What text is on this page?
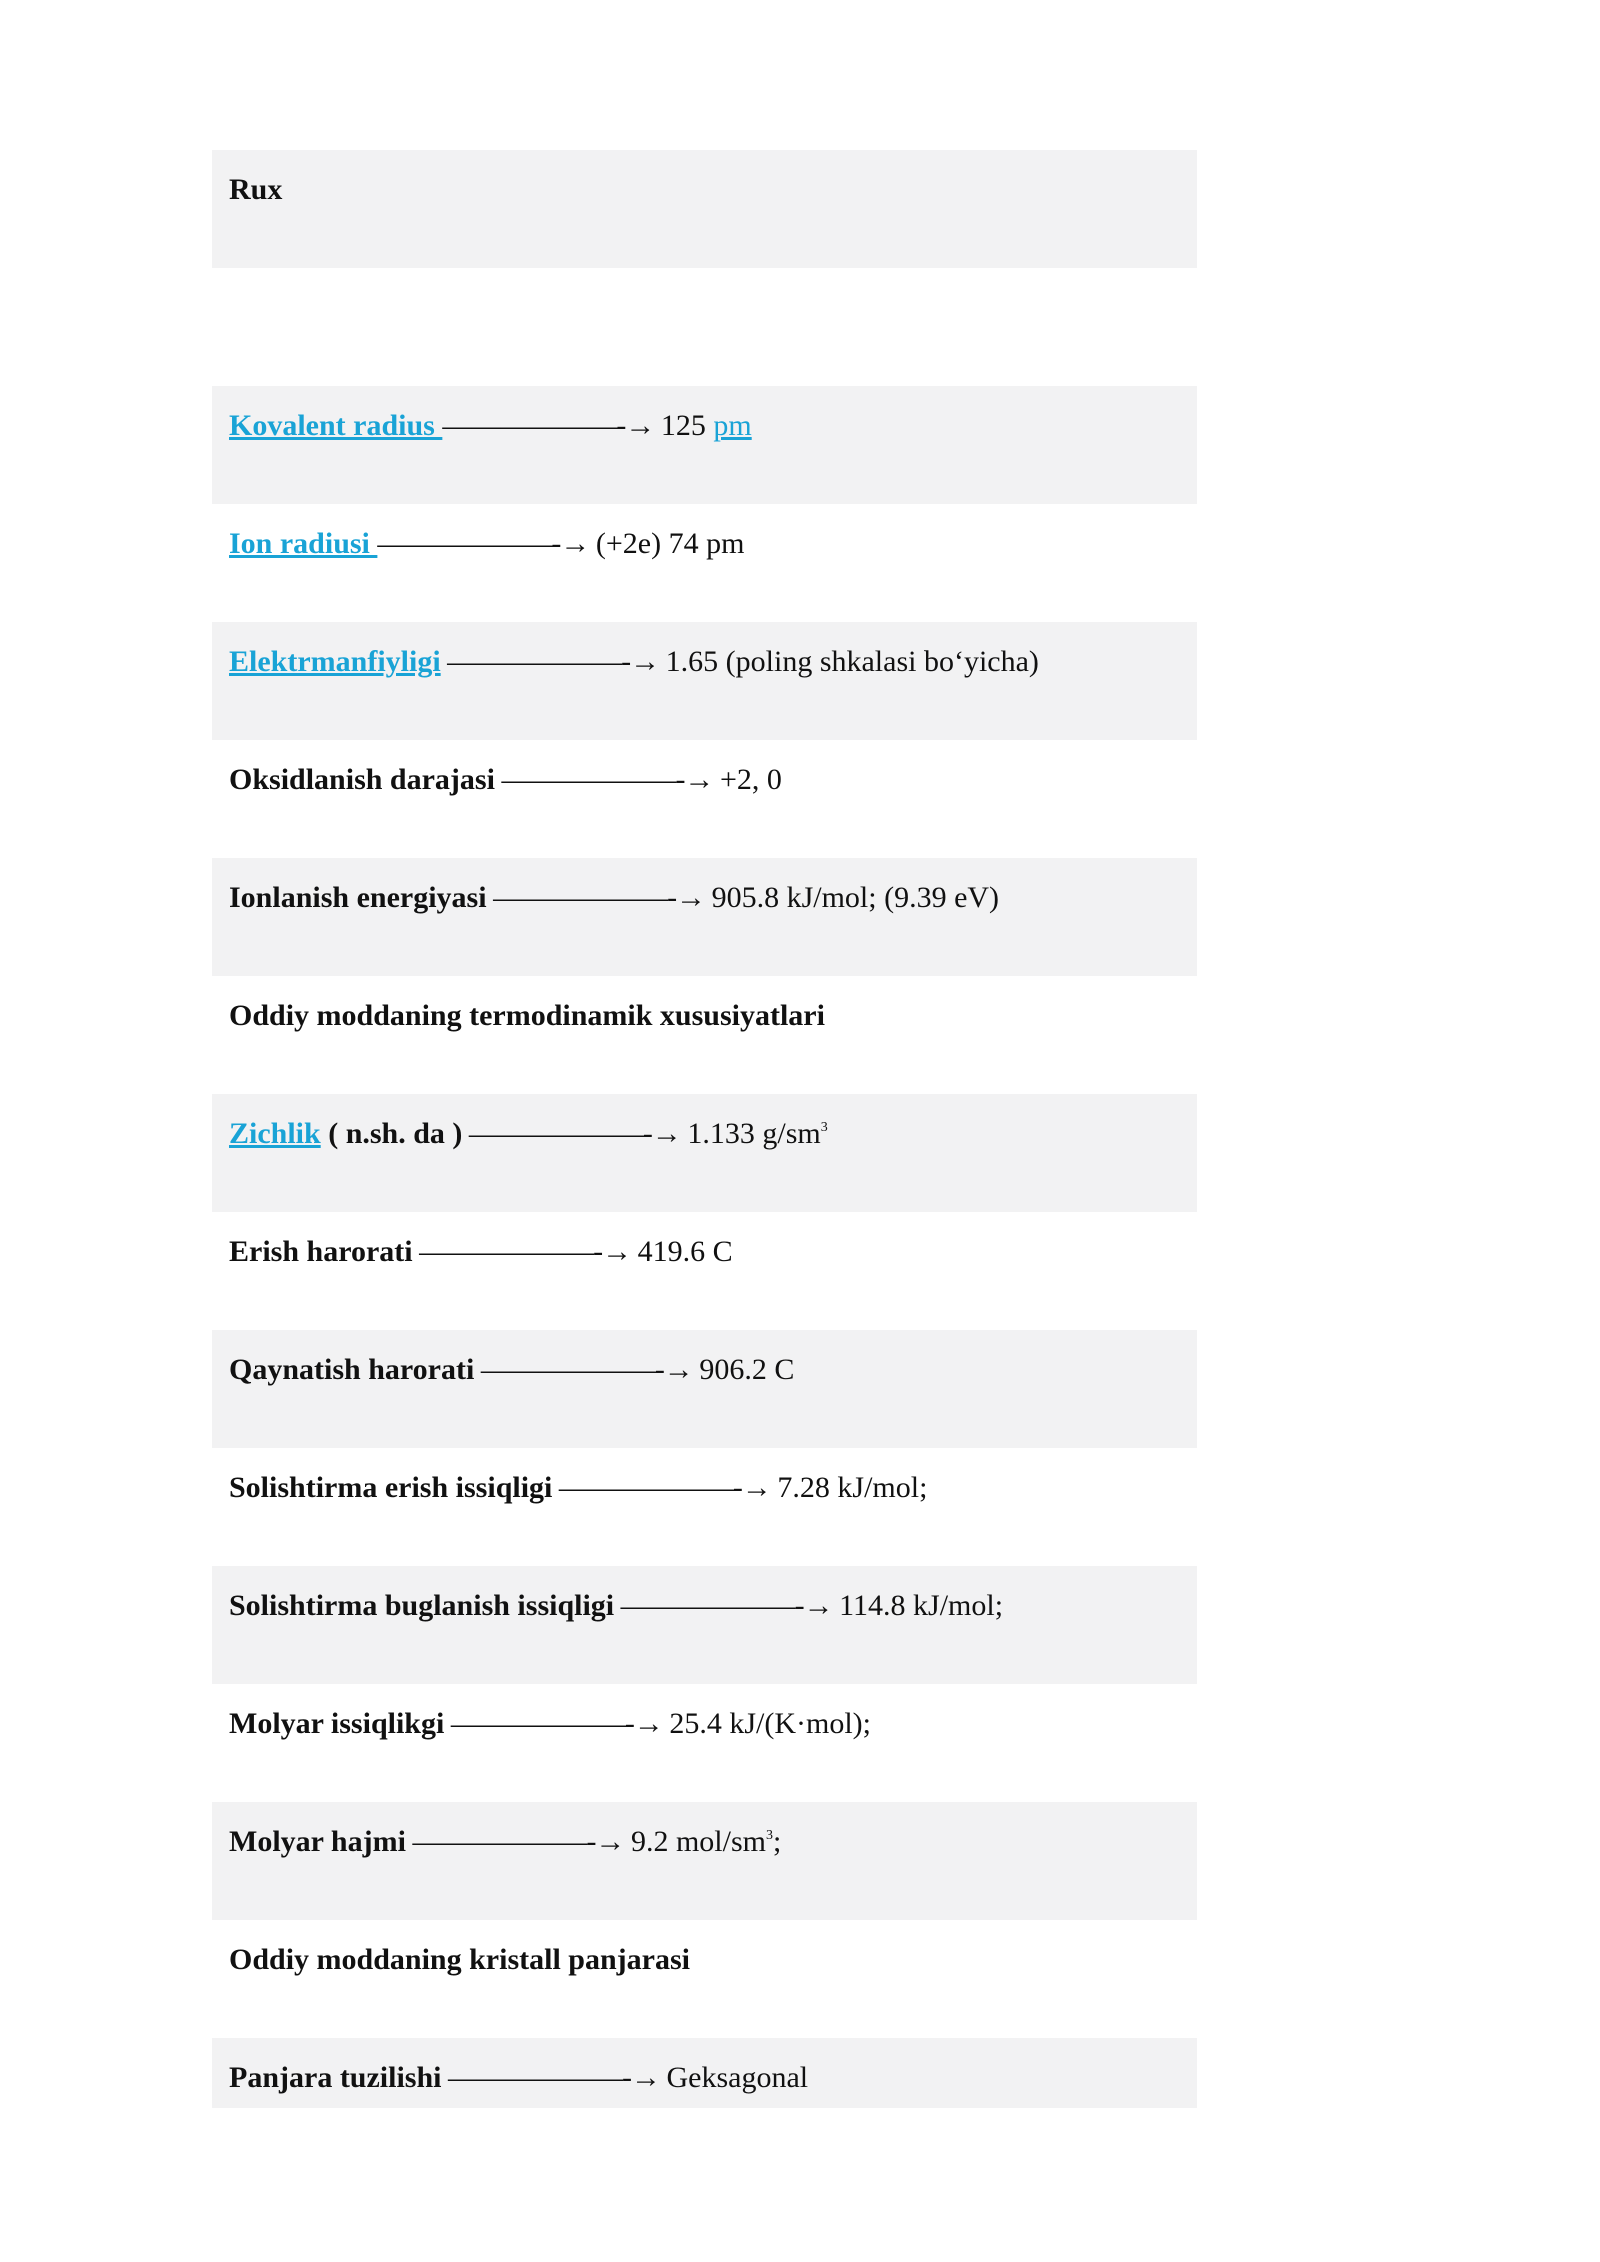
Rux
Kovalent radius ——————-→ 125 pm
Ion radiusi ——————-→ (+2e) 74 pm
Elektrmanfiyligi ——————-→ 1.65 (poling shkalasi bo‘yicha)
Oksidlanish darajasi ——————-→ +2, 0
Ionlanish energiyasi ——————-→ 905.8 kJ/mol; (9.39 eV)
Oddiy moddaning termodinamik xususiyatlari
Zichlik ( n.sh. da ) ——————-→ 1.133 $g/sm^3$
Erish harorati ——————-→ 419.6 C
Qaynatish harorati ——————-→ 906.2 C
Solishtirma erish issiqligi ——————-→ 7.28 kJ/mol;
Solishtirma buglanish issiqligi ——————-→ 114.8 kJ/mol;
Molyar issiqlikgi ——————-→ 25.4 kJ/(K·mol);
Molyar hajmi ——————-→ 9.2 mol/$sm^3$;
Oddiy moddaning kristall panjarasi
Panjara tuzilishi ——————-→ Geksagonal
